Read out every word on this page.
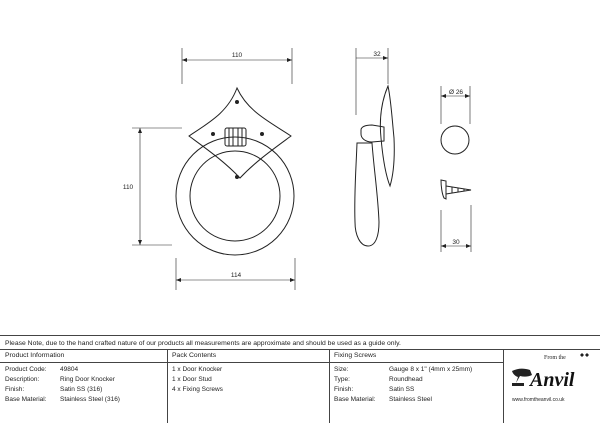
110
110
114
32
Ø 26
30
Please Note, due to the hand crafted nature of our products all measurements are approximate and should be used as a guide only.
Product Information
Product Code: 49804
Description:	Ring Door Knocker
Finish:	Satin SS (316)
Base Material: Stainless Steel (316)
Pack Contents
1 x Door Knocker
1 x Door Stud
4 x Fixing Screws
Fixing Screws
Size:	Gauge 8 x 1" (4mm x 25mm)
Type:	Roundhead
Finish:	Satin SS
Base Material: Stainless Steel
From the
Anvil
www.fromtheanvil.co.uk
